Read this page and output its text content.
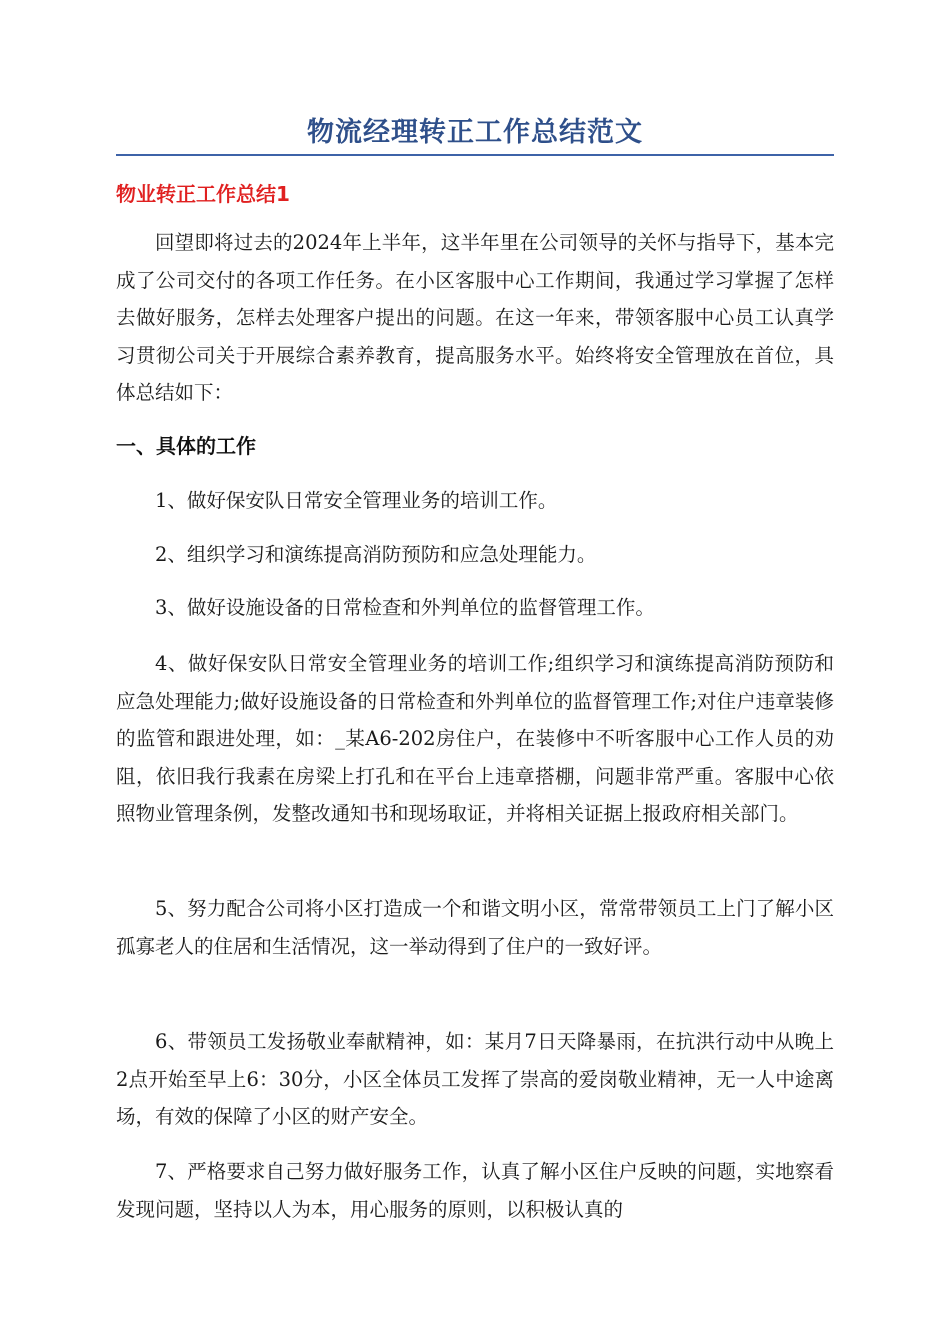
物流经理转正工作总结范文
物业转正工作总结1

回望即将过去的2024年上半年，这半年里在公司领导的关怀与指导下，基本完成了公司交付的各项工作任务。在小区客服中心工作期间，我通过学习掌握了怎样去做好服务，怎样去处理客户提出的问题。在这一年来，带领客服中心员工认真学习贯彻公司关于开展综合素养教育，提高服务水平。始终将安全管理放在首位，具体总结如下：

一、具体的工作

1、做好保安队日常安全管理业务的培训工作。

2、组织学习和演练提高消防预防和应急处理能力。

3、做好设施设备的日常检查和外判单位的监督管理工作。

4、做好保安队日常安全管理业务的培训工作;组织学习和演练提高消防预防和应急处理能力;做好设施设备的日常检查和外判单位的监督管理工作;对住户违章装修的监管和跟进处理，如：_某A6-202房住户，在装修中不听客服中心工作人员的劝阻，依旧我行我素在房梁上打孔和在平台上违章搭棚，问题非常严重。客服中心依照物业管理条例，发整改通知书和现场取证，并将相关证据上报政府相关部门。

5、努力配合公司将小区打造成一个和谐文明小区，常常带领员工上门了解小区孤寡老人的住居和生活情况，这一举动得到了住户的一致好评。

6、带领员工发扬敬业奉献精神，如：某月7日天降暴雨，在抗洪行动中从晚上2点开始至早上6：30分，小区全体员工发挥了崇高的爱岗敬业精神，无一人中途离场，有效的保障了小区的财产安全。

7、严格要求自己努力做好服务工作，认真了解小区住户反映的问题，实地察看发现问题，坚持以人为本，用心服务的原则，以积极认真的
